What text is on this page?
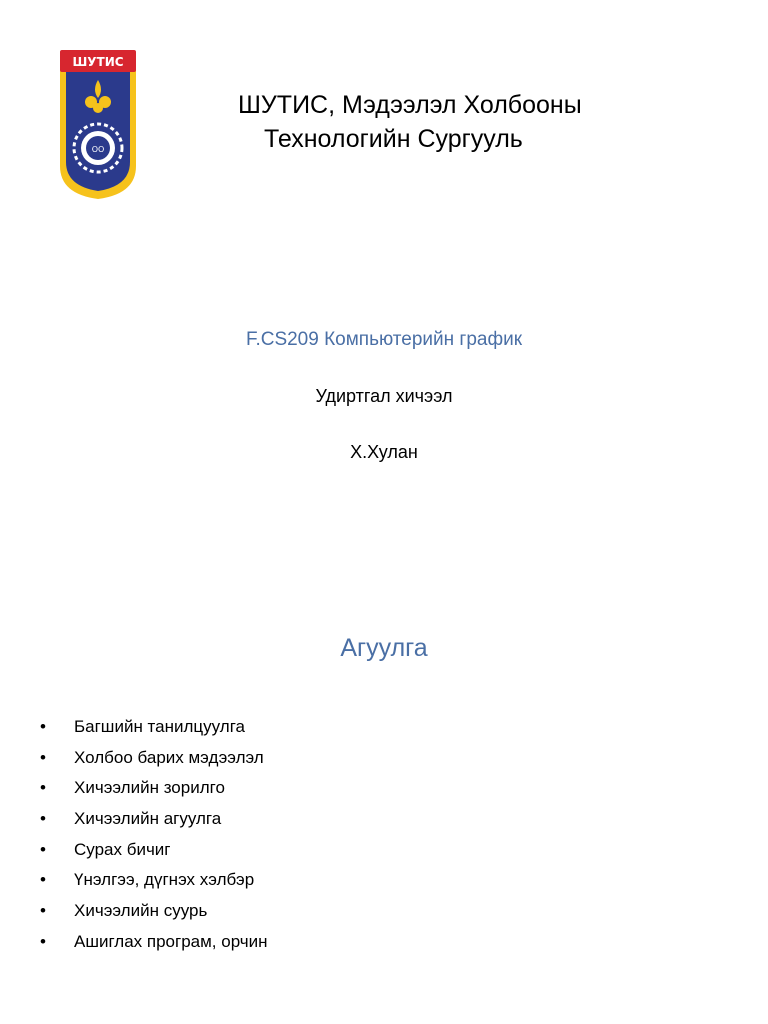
ШУТИС
OO
ШУТИС, Мэдээлэл Холбооны
Технологийн Сургууль
F.CS209 Компьютерийн график
Удиртгал хичээл
Х.Хулан
Агуулга
•	Багшийн танилцуулга
•	Холбоо барих мэдээлэл
•	Хичээлийн зорилго
•	Хичээлийн агуулга
•	Сурах бичиг
•	Үнэлгээ, дүгнэх хэлбэр
•	Хичээлийн суурь
•	Ашиглах програм, орчин
